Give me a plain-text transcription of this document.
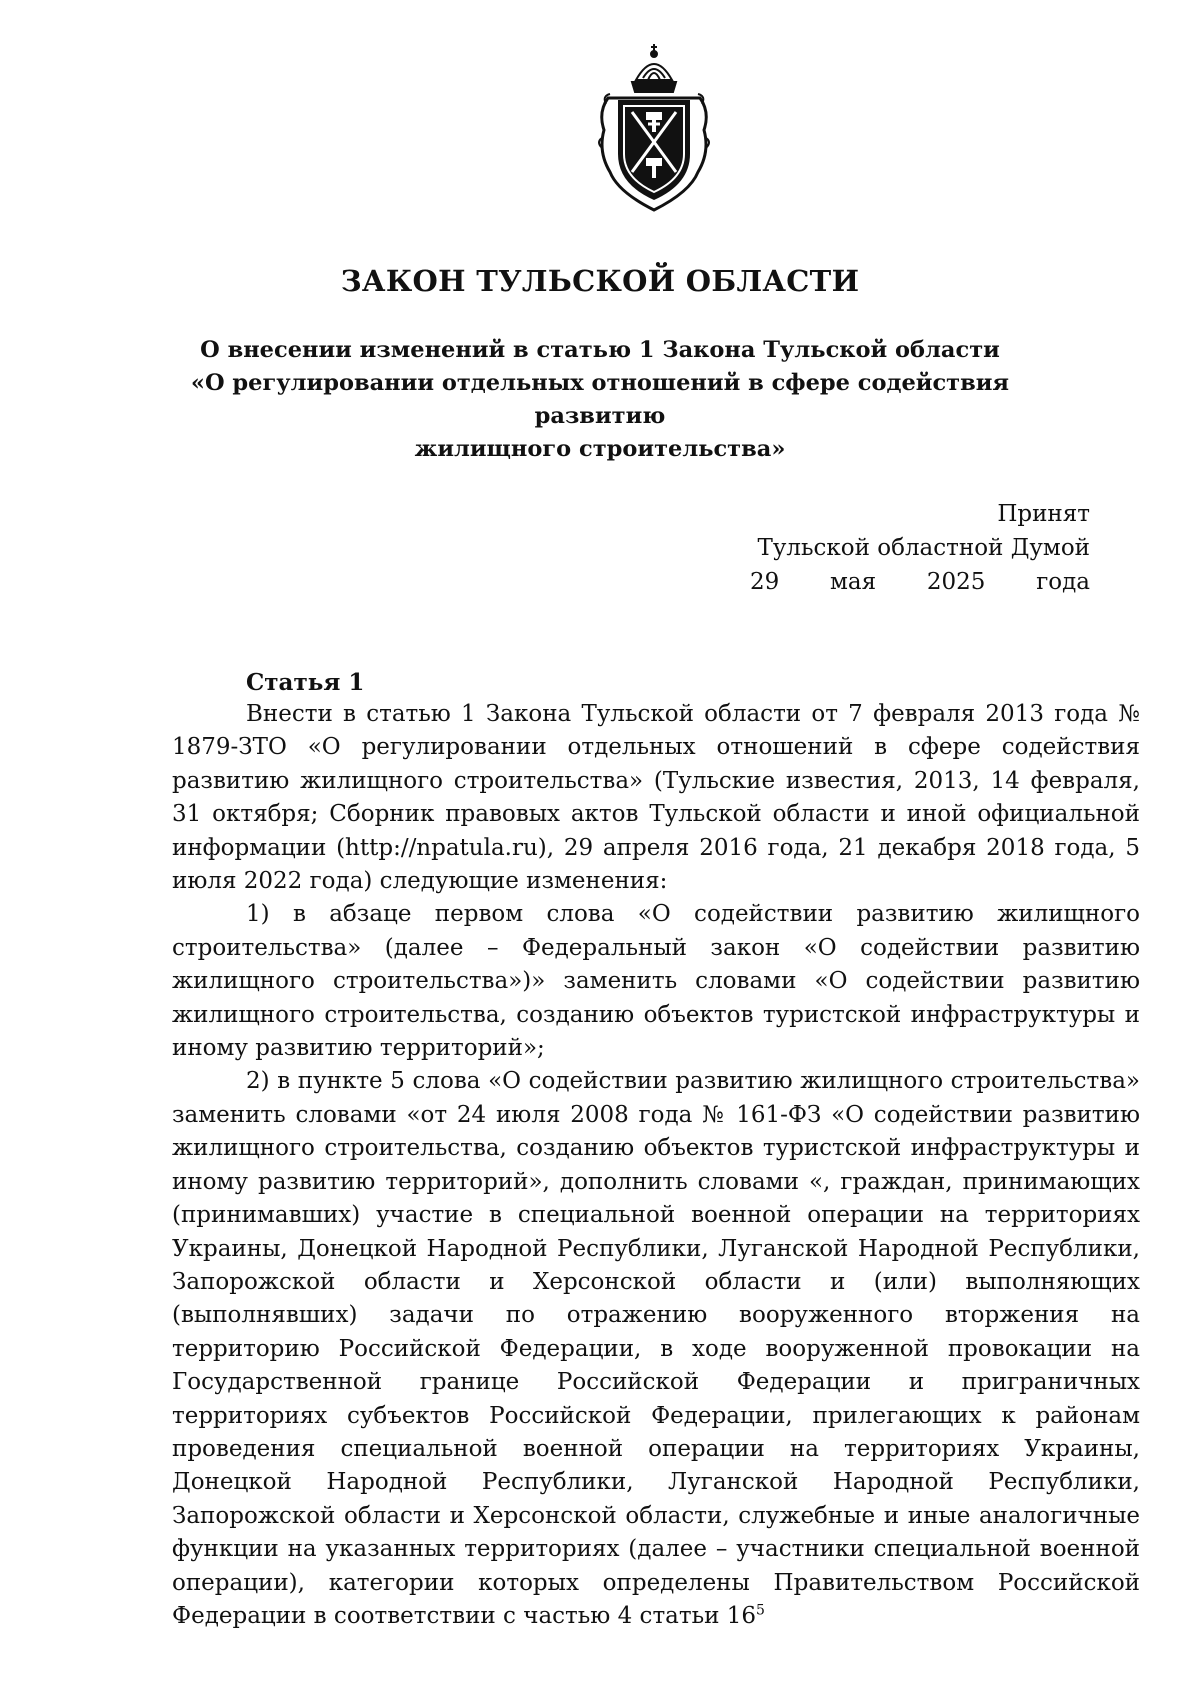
ЗАКОН ТУЛЬСКОЙ ОБЛАСТИ
О внесении изменений в статью 1 Закона Тульской области
«О регулировании отдельных отношений в сфере содействия развитию
жилищного строительства»
Принят
Тульской областной Думой
29 мая 2025 года
Статья 1

Внести в статью 1 Закона Тульской области от 7 февраля 2013 года № 1879-ЗТО «О регулировании отдельных отношений в сфере содействия развитию жилищного строительства» (Тульские известия, 2013, 14 февраля, 31 октября; Сборник правовых актов Тульской области и иной официальной информации (http://npatula.ru), 29 апреля 2016 года, 21 декабря 2018 года, 5 июля 2022 года) следующие изменения:

1) в абзаце первом слова «О содействии развитию жилищного строительства» (далее – Федеральный закон «О содействии развитию жилищного строительства»)» заменить словами «О содействии развитию жилищного строительства, созданию объектов туристской инфраструктуры и иному развитию территорий»;

2) в пункте 5 слова «О содействии развитию жилищного строительства» заменить словами «от 24 июля 2008 года № 161-ФЗ «О содействии развитию жилищного строительства, созданию объектов туристской инфраструктуры и иному развитию территорий», дополнить словами «, граждан, принимающих (принимавших) участие в специальной военной операции на территориях Украины, Донецкой Народной Республики, Луганской Народной Республики, Запорожской области и Херсонской области и (или) выполняющих (выполнявших) задачи по отражению вооруженного вторжения на территорию Российской Федерации, в ходе вооруженной провокации на Государственной границе Российской Федерации и приграничных территориях субъектов Российской Федерации, прилегающих к районам проведения специальной военной операции на территориях Украины, Донецкой Народной Республики, Луганской Народной Республики, Запорожской области и Херсонской области, служебные и иные аналогичные функции на указанных территориях (далее – участники специальной военной операции), категории которых определены Правительством Российской Федерации в соответствии с частью 4 статьи $16^5$
